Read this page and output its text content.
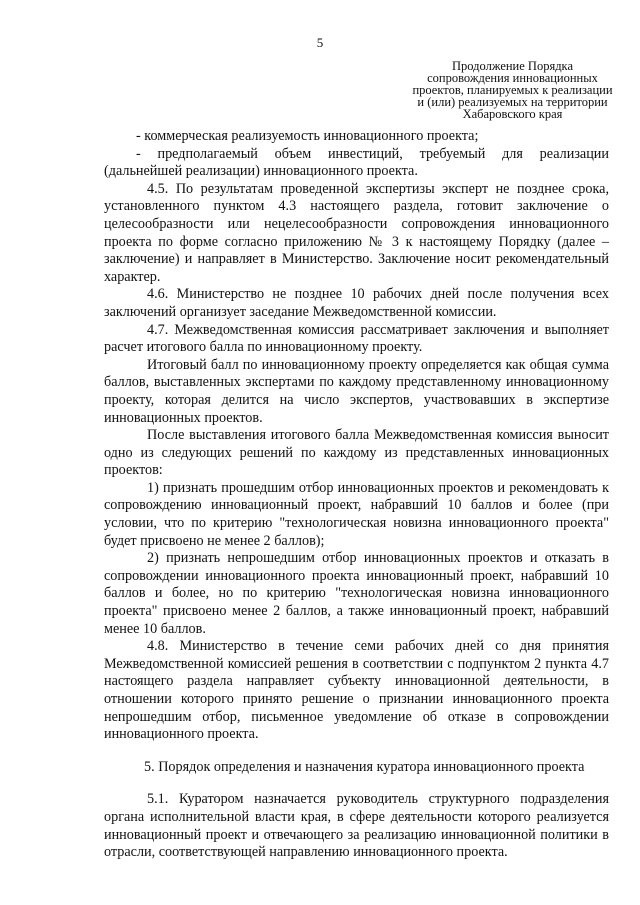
5
Продолжение Порядка
сопровождения инновационных
проектов, планируемых к реализации
и (или) реализуемых на территории
Хабаровского края

- коммерческая реализуемость инновационного проекта;

- предполагаемый объем инвестиций, требуемый для реализации (дальнейшей реализации) инновационного проекта.

4.5. По результатам проведенной экспертизы эксперт не позднее срока, установленного пунктом 4.3 настоящего раздела, готовит заключение о целесообразности или нецелесообразности сопровождения инновационного проекта по форме согласно приложению № 3 к настоящему Порядку (далее – заключение) и направляет в Министерство. Заключение носит рекомендательный характер.

4.6. Министерство не позднее 10 рабочих дней после получения всех заключений организует заседание Межведомственной комиссии.

4.7. Межведомственная комиссия рассматривает заключения и выполняет расчет итогового балла по инновационному проекту.

Итоговый балл по инновационному проекту определяется как общая сумма баллов, выставленных экспертами по каждому представленному инновационному проекту, которая делится на число экспертов, участвовавших в экспертизе инновационных проектов.

После выставления итогового балла Межведомственная комиссия выносит одно из следующих решений по каждому из представленных инновационных проектов:

1) признать прошедшим отбор инновационных проектов и рекомендовать к сопровождению инновационный проект, набравший 10 баллов и более (при условии, что по критерию "технологическая новизна инновационного проекта" будет присвоено не менее 2 баллов);

2) признать непрошедшим отбор инновационных проектов и отказать в сопровождении инновационного проекта инновационный проект, набравший 10 баллов и более, но по критерию "технологическая новизна инновационного проекта" присвоено менее 2 баллов, а также инновационный проект, набравший менее 10 баллов.

4.8. Министерство в течение семи рабочих дней со дня принятия Межведомственной комиссией решения в соответствии с подпунктом 2 пункта 4.7 настоящего раздела направляет субъекту инновационной деятельности, в отношении которого принято решение о признании инновационного проекта непрошедшим отбор, письменное уведомление об отказе в сопровождении инновационного проекта.

5. Порядок определения и назначения куратора инновационного проекта

5.1. Куратором назначается руководитель структурного подразделения органа исполнительной власти края, в сфере деятельности которого реализуется инновационный проект и отвечающего за реализацию инновационной политики в отрасли, соответствующей направлению инновационного проекта.
